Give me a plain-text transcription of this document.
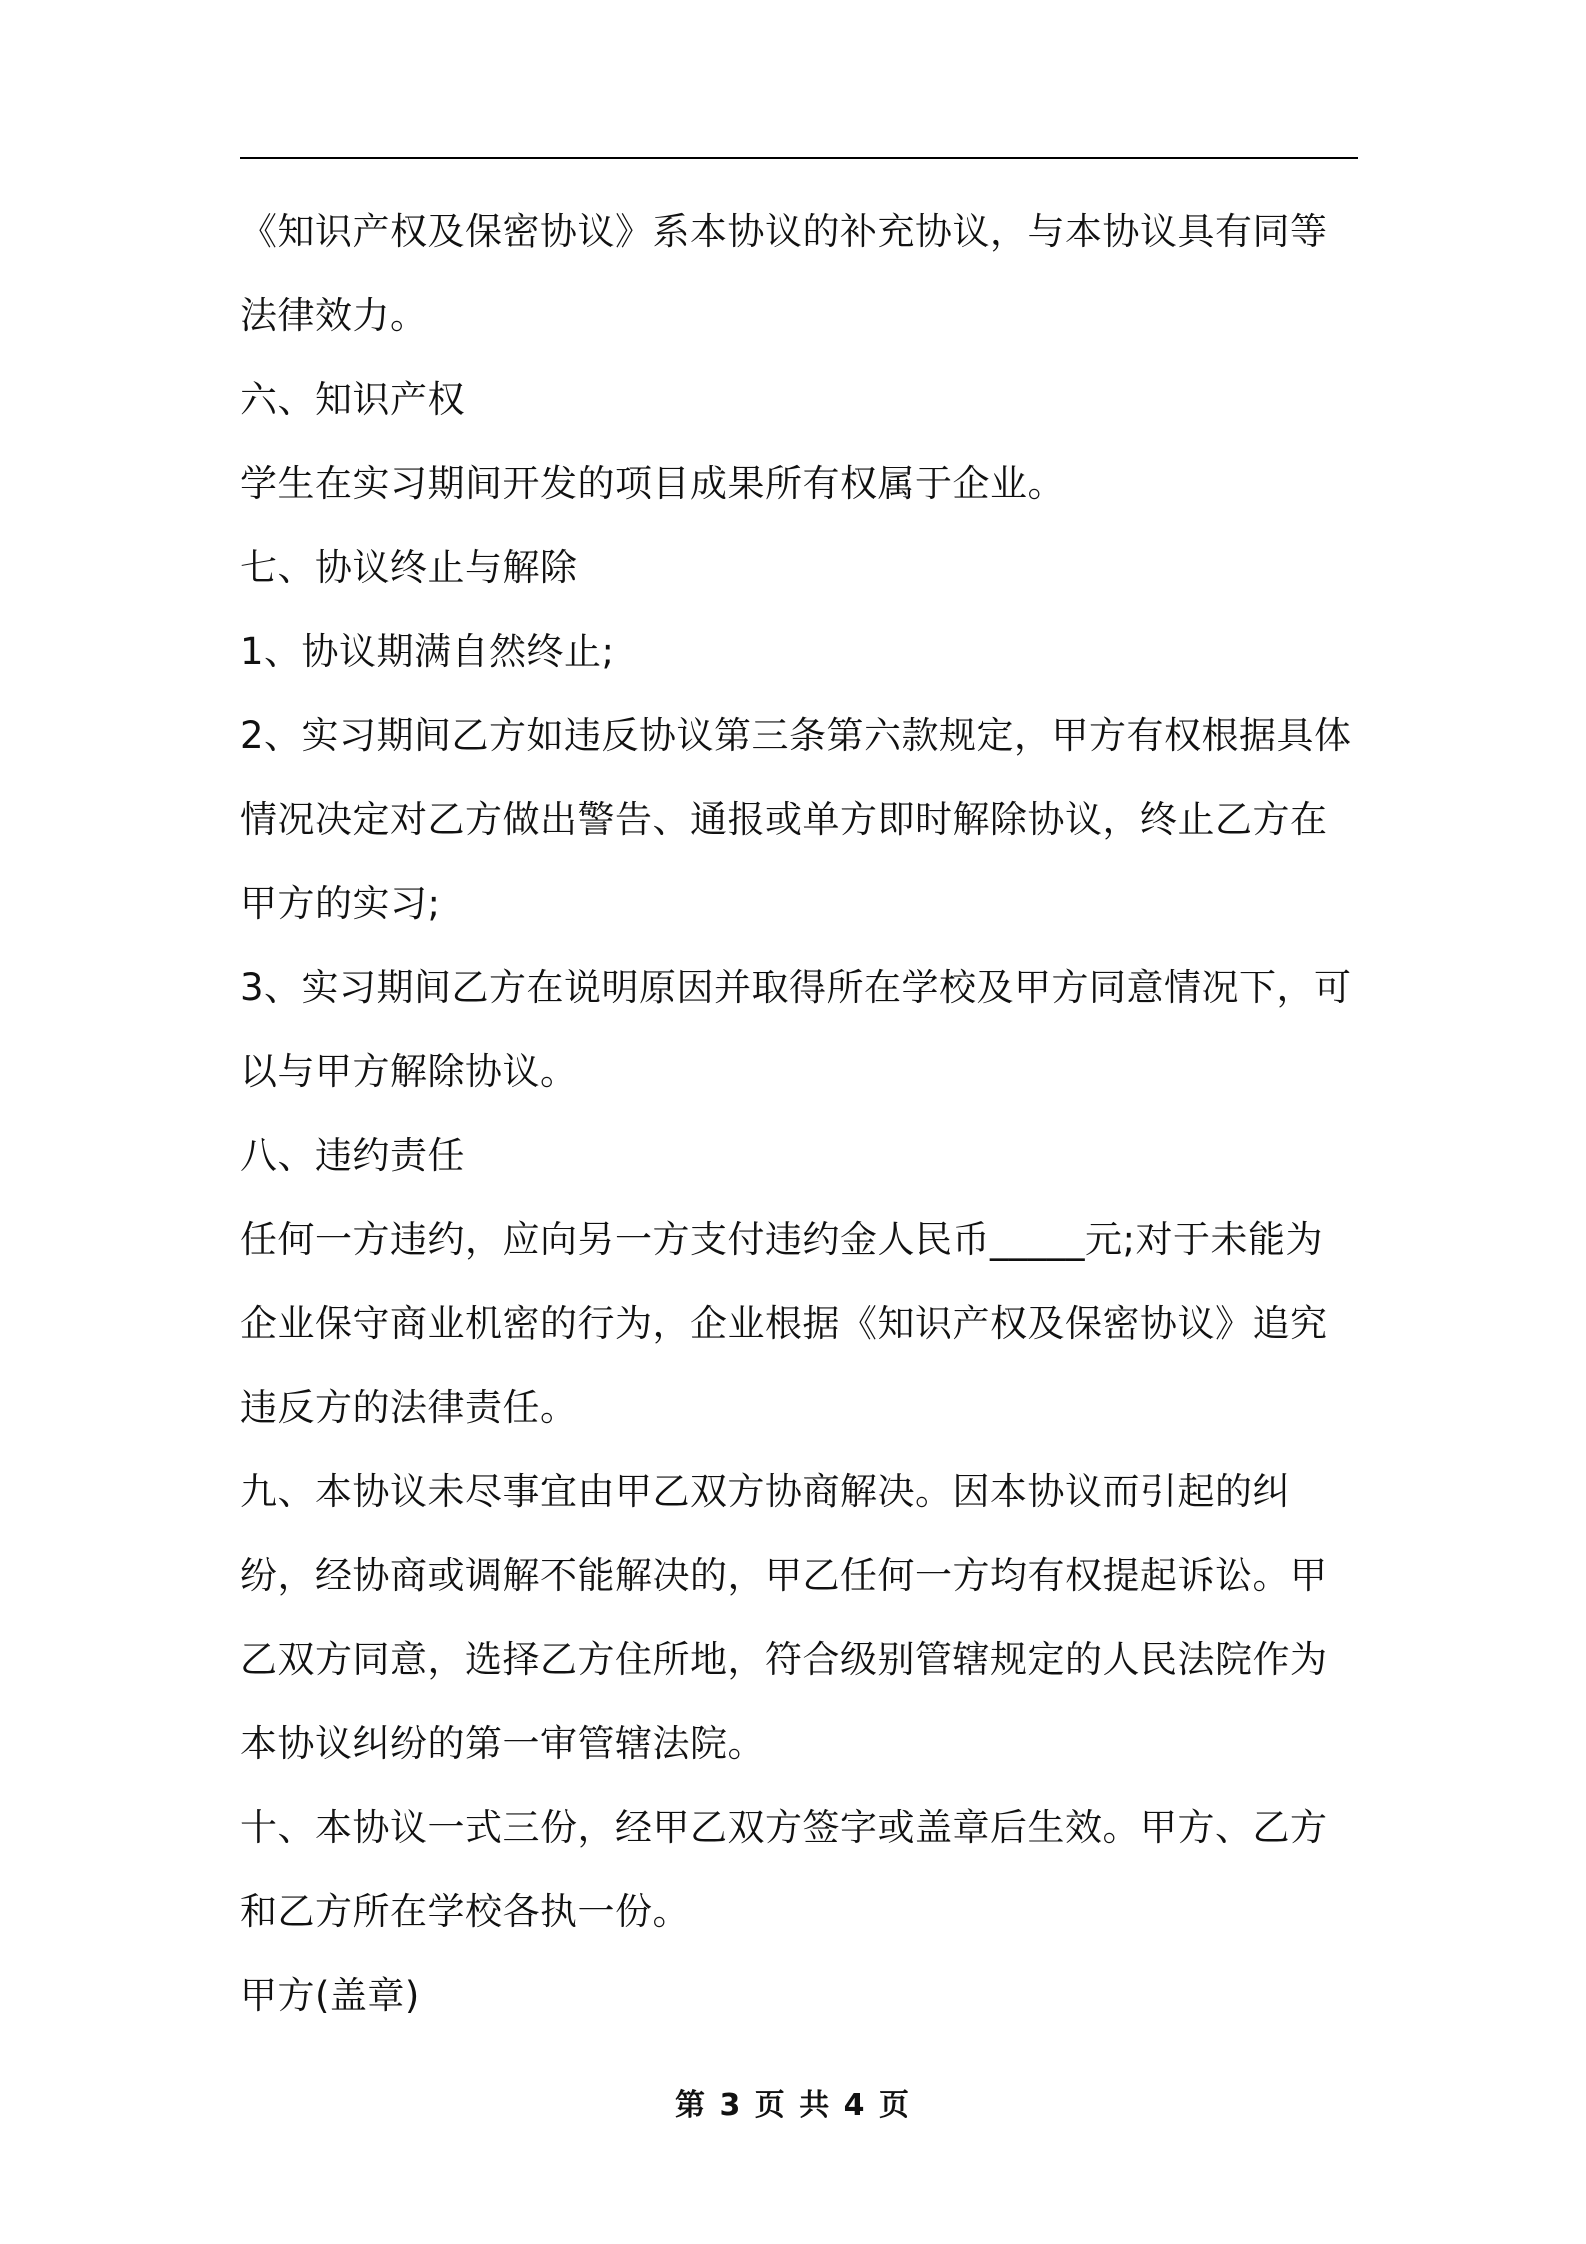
《知识产权及保密协议》系本协议的补充协议，与本协议具有同等法律效力。

六、知识产权

学生在实习期间开发的项目成果所有权属于企业。

七、协议终止与解除

1、协议期满自然终止;

2、实习期间乙方如违反协议第三条第六款规定，甲方有权根据具体情况决定对乙方做出警告、通报或单方即时解除协议，终止乙方在甲方的实习;

3、实习期间乙方在说明原因并取得所在学校及甲方同意情况下，可以与甲方解除协议。

八、违约责任

任何一方违约，应向另一方支付违约金人民币_____元;对于未能为企业保守商业机密的行为，企业根据《知识产权及保密协议》追究违反方的法律责任。

九、本协议未尽事宜由甲乙双方协商解决。因本协议而引起的纠纷，经协商或调解不能解决的，甲乙任何一方均有权提起诉讼。甲乙双方同意，选择乙方住所地，符合级别管辖规定的人民法院作为本协议纠纷的第一审管辖法院。

十、本协议一式三份，经甲乙双方签字或盖章后生效。甲方、乙方和乙方所在学校各执一份。

甲方(盖章)

第 3 页 共 4 页
